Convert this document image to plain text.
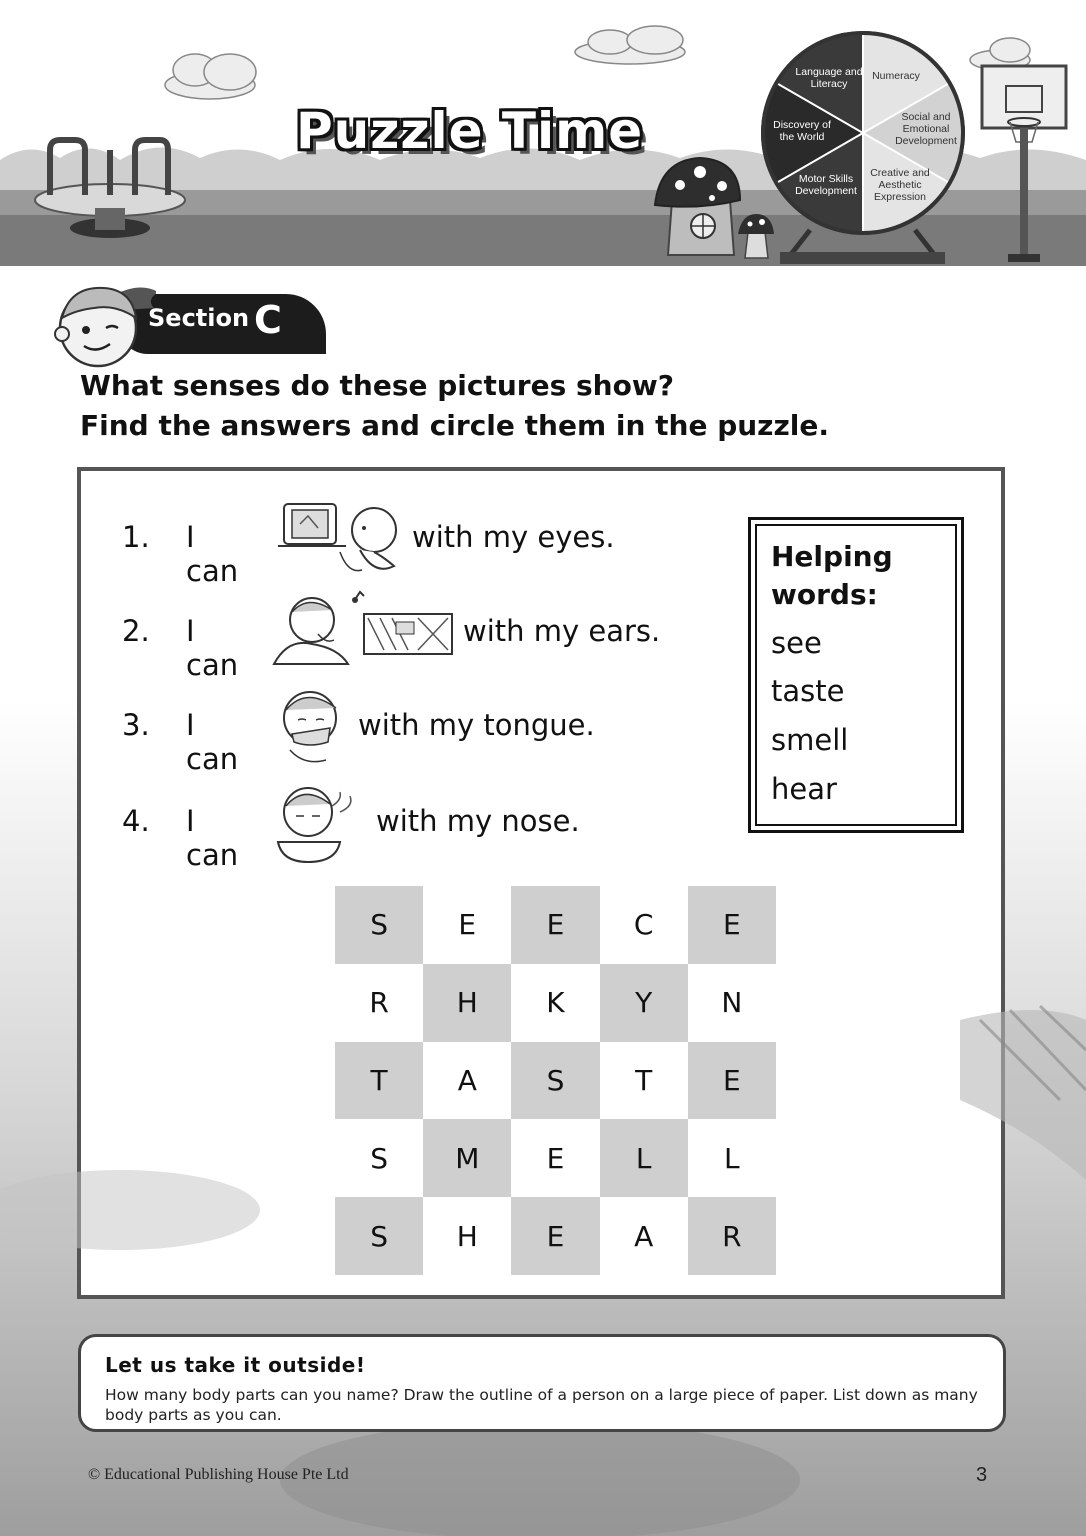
Puzzle Time
Language and Literacy
Numeracy
Social and Emotional Development
Creative and Aesthetic Expression
Motor Skills Development
Discovery of the World
Section C
What senses do these pictures show?
Find the answers and circle them in the puzzle.
1. I can
with my eyes.
2. I can
with my ears.
3. I can
with my tongue.
4. I can
with my nose.
Helping
words:
see
taste
smell
hear
S	E	E	C	E
R	H	K	Y	N
T	A	S	T	E
S	M	E	L	L
S	H	E	A	R
Let us take it outside!
How many body parts can you name? Draw the outline of a person on a large piece of paper. List down as many body parts as you can.
© Educational Publishing House Pte Ltd	3
